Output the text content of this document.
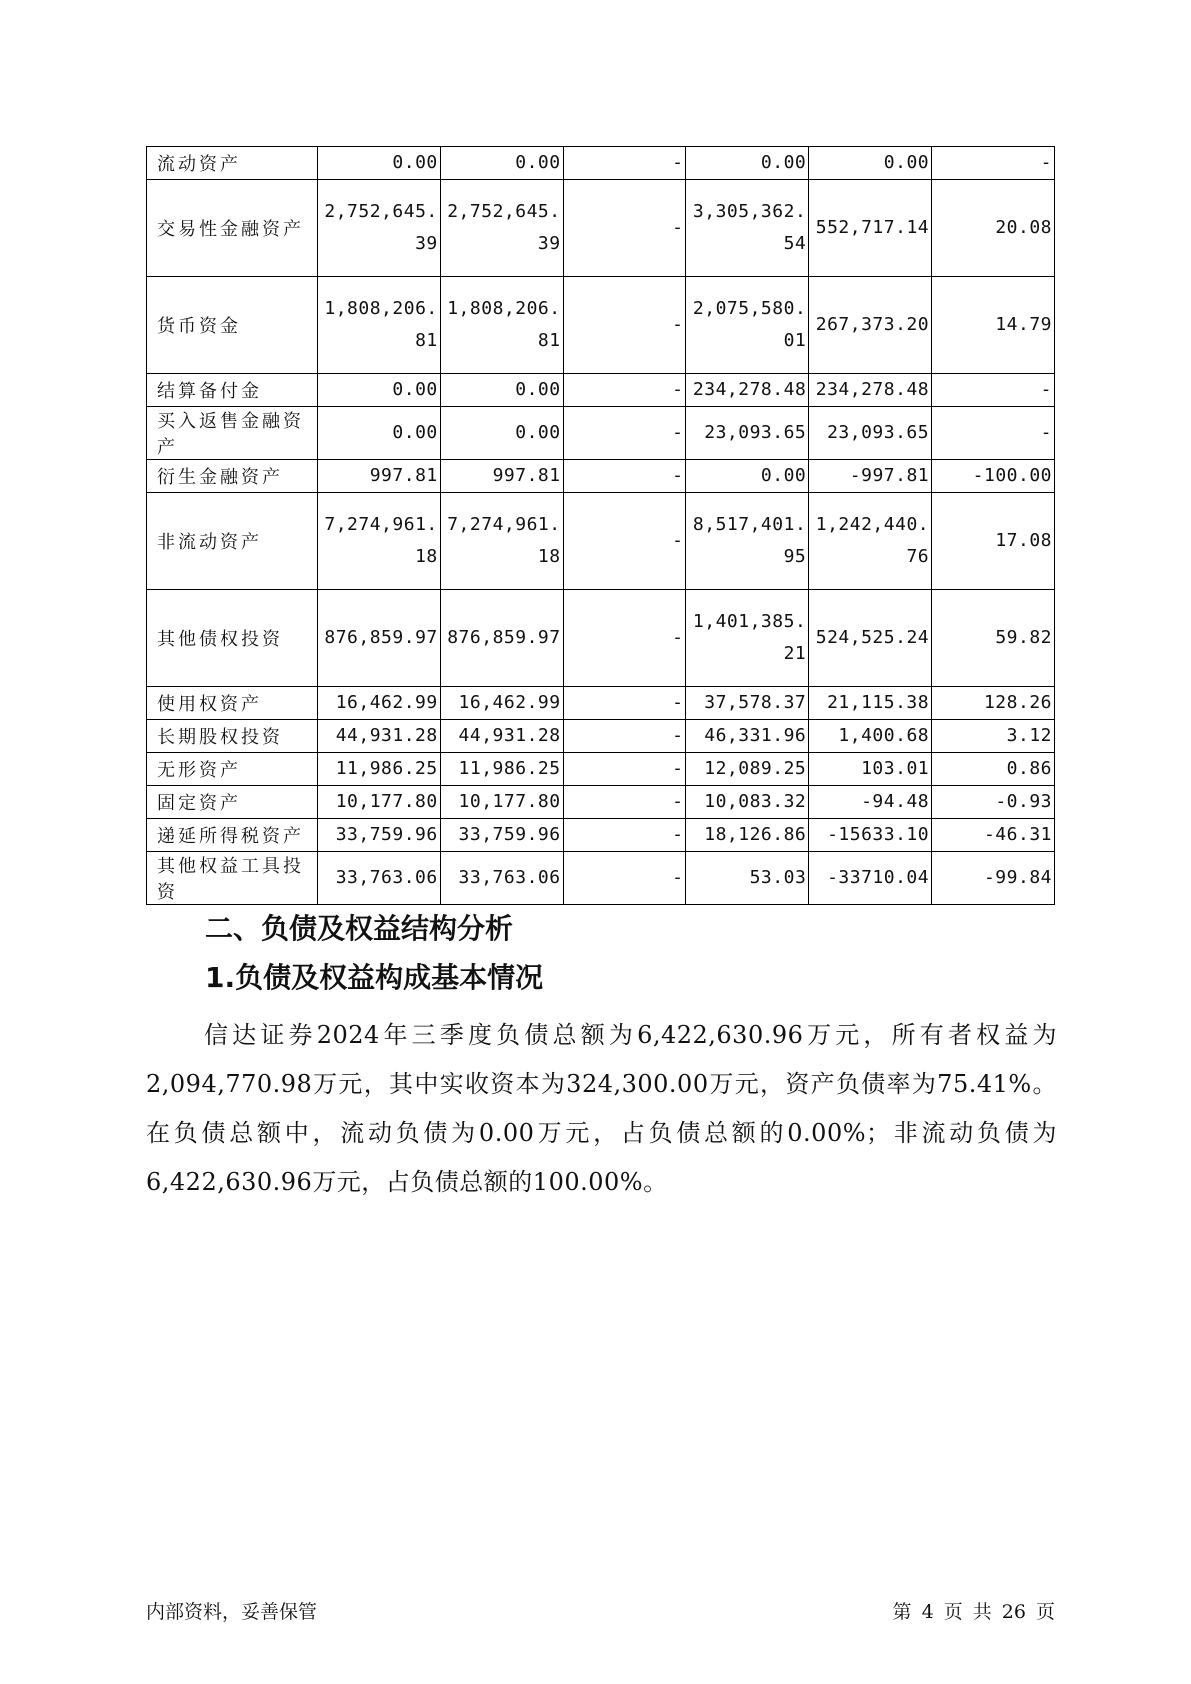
流动资产	0.00	0.00	-	0.00	0.00	-
交易性金融资产	2,752,645.39	2,752,645.39	-	3,305,362.54	552,717.14	20.08
货币资金	1,808,206.81	1,808,206.81	-	2,075,580.01	267,373.20	14.79
结算备付金	0.00	0.00	-	234,278.48	234,278.48	-
买入返售金融资产	0.00	0.00	-	23,093.65	23,093.65	-
衍生金融资产	997.81	997.81	-	0.00	-997.81	-100.00
非流动资产	7,274,961.18	7,274,961.18	-	8,517,401.95	1,242,440.76	17.08
其他债权投资	876,859.97	876,859.97	-	1,401,385.21	524,525.24	59.82
使用权资产	16,462.99	16,462.99	-	37,578.37	21,115.38	128.26
长期股权投资	44,931.28	44,931.28	-	46,331.96	1,400.68	3.12
无形资产	11,986.25	11,986.25	-	12,089.25	103.01	0.86
固定资产	10,177.80	10,177.80	-	10,083.32	-94.48	-0.93
递延所得税资产	33,759.96	33,759.96	-	18,126.86	-15633.10	-46.31
其他权益工具投资	33,763.06	33,763.06	-	53.03	-33710.04	-99.84
二、负债及权益结构分析
1.负债及权益构成基本情况

信达证券2024年三季度负债总额为6,422,630.96万元，所有者权益为2,094,770.98万元，其中实收资本为324,300.00万元，资产负债率为75.41%。在负债总额中，流动负债为0.00万元，占负债总额的0.00%；非流动负债为6,422,630.96万元，占负债总额的100.00%。

内部资料，妥善保管	第 4 页 共 26 页
